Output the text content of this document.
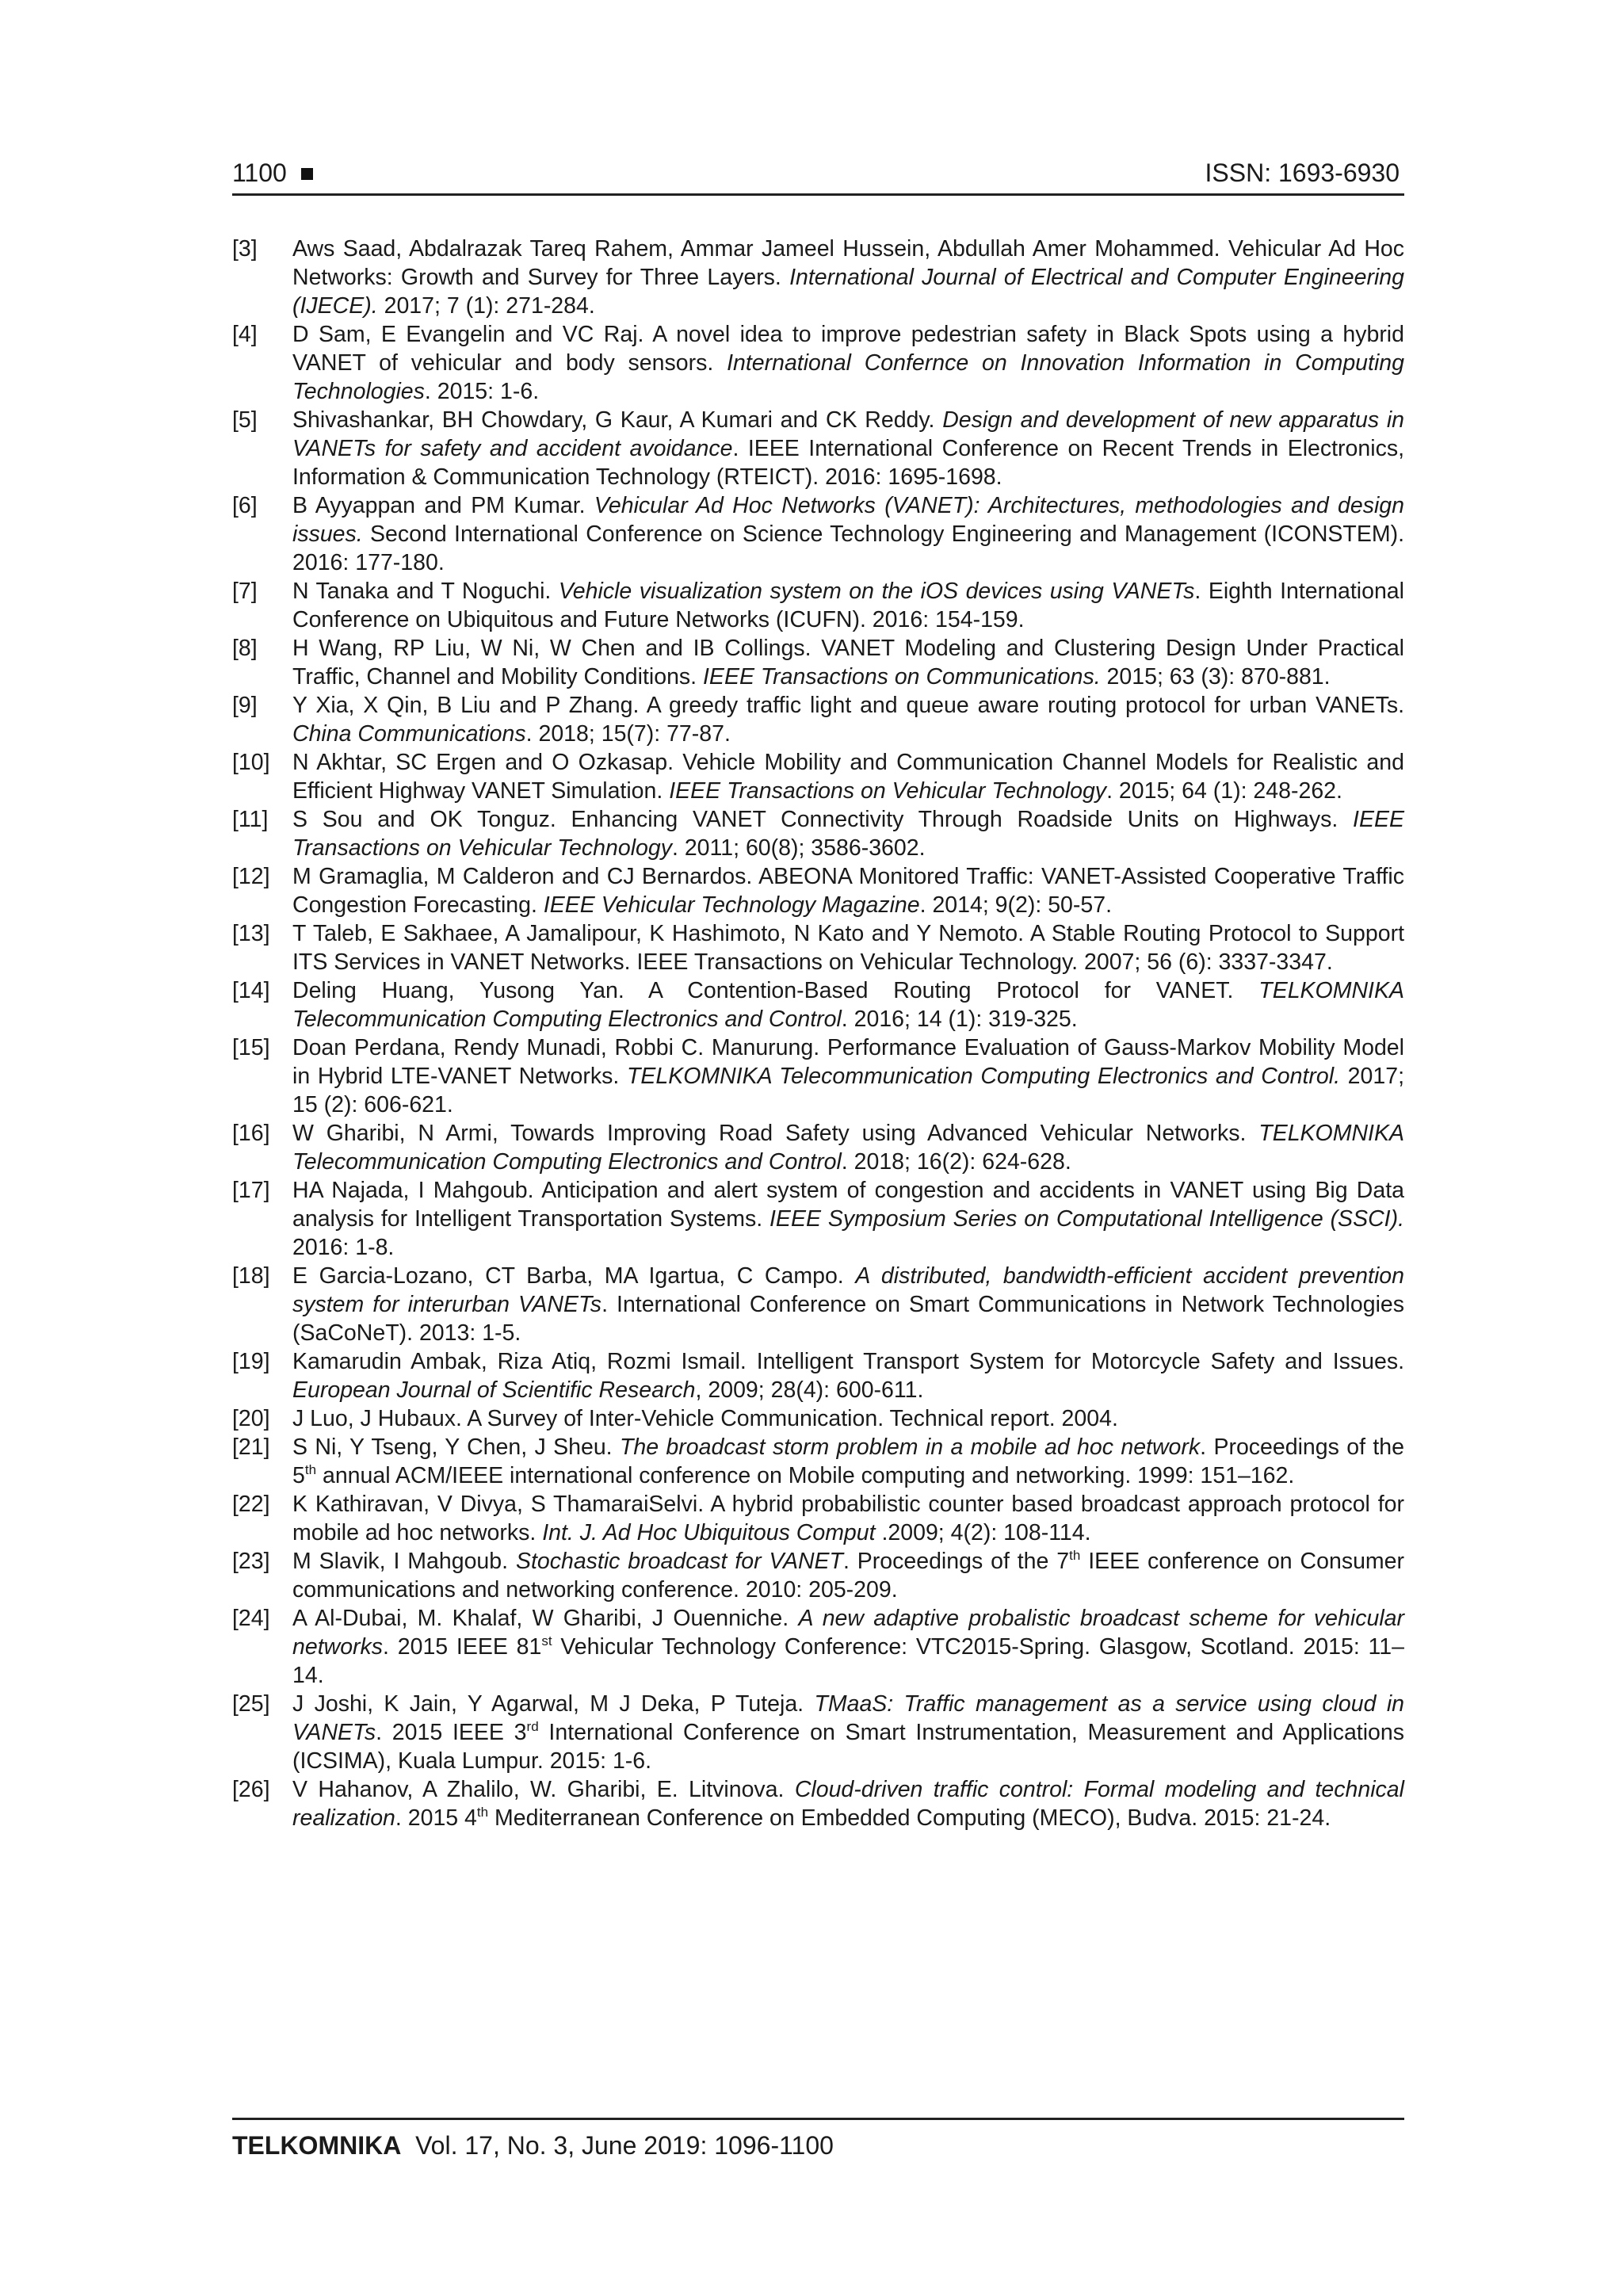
1100	ISSN: 1693-6930
[3] Aws Saad, Abdalrazak Tareq Rahem, Ammar Jameel Hussein, Abdullah Amer Mohammed. Vehicular Ad Hoc Networks: Growth and Survey for Three Layers. International Journal of Electrical and Computer Engineering (IJECE). 2017; 7 (1): 271-284.
[4] D Sam, E Evangelin and VC Raj. A novel idea to improve pedestrian safety in Black Spots using a hybrid VANET of vehicular and body sensors. International Confernce on Innovation Information in Computing Technologies. 2015: 1-6.
[5] Shivashankar, BH Chowdary, G Kaur, A Kumari and CK Reddy. Design and development of new apparatus in VANETs for safety and accident avoidance. IEEE International Conference on Recent Trends in Electronics, Information & Communication Technology (RTEICT). 2016: 1695-1698.
[6] B Ayyappan and PM Kumar. Vehicular Ad Hoc Networks (VANET): Architectures, methodologies and design issues. Second International Conference on Science Technology Engineering and Management (ICONSTEM). 2016: 177-180.
[7] N Tanaka and T Noguchi. Vehicle visualization system on the iOS devices using VANETs. Eighth International Conference on Ubiquitous and Future Networks (ICUFN). 2016: 154-159.
[8] H Wang, RP Liu, W Ni, W Chen and IB Collings. VANET Modeling and Clustering Design Under Practical Traffic, Channel and Mobility Conditions. IEEE Transactions on Communications. 2015; 63 (3): 870-881.
[9] Y Xia, X Qin, B Liu and P Zhang. A greedy traffic light and queue aware routing protocol for urban VANETs. China Communications. 2018; 15(7): 77-87.
[10] N Akhtar, SC Ergen and O Ozkasap. Vehicle Mobility and Communication Channel Models for Realistic and Efficient Highway VANET Simulation. IEEE Transactions on Vehicular Technology. 2015; 64 (1): 248-262.
[11] S Sou and OK Tonguz. Enhancing VANET Connectivity Through Roadside Units on Highways. IEEE Transactions on Vehicular Technology. 2011; 60(8); 3586-3602.
[12] M Gramaglia, M Calderon and CJ Bernardos. ABEONA Monitored Traffic: VANET-Assisted Cooperative Traffic Congestion Forecasting. IEEE Vehicular Technology Magazine. 2014; 9(2): 50-57.
[13] T Taleb, E Sakhaee, A Jamalipour, K Hashimoto, N Kato and Y Nemoto. A Stable Routing Protocol to Support ITS Services in VANET Networks. IEEE Transactions on Vehicular Technology. 2007; 56 (6): 3337-3347.
[14] Deling Huang, Yusong Yan. A Contention-Based Routing Protocol for VANET. TELKOMNIKA Telecommunication Computing Electronics and Control. 2016; 14 (1): 319-325.
[15] Doan Perdana, Rendy Munadi, Robbi C. Manurung. Performance Evaluation of Gauss-Markov Mobility Model in Hybrid LTE-VANET Networks. TELKOMNIKA Telecommunication Computing Electronics and Control. 2017; 15 (2): 606-621.
[16] W Gharibi, N Armi, Towards Improving Road Safety using Advanced Vehicular Networks. TELKOMNIKA Telecommunication Computing Electronics and Control. 2018; 16(2): 624-628.
[17] HA Najada, I Mahgoub. Anticipation and alert system of congestion and accidents in VANET using Big Data analysis for Intelligent Transportation Systems. IEEE Symposium Series on Computational Intelligence (SSCI). 2016: 1-8.
[18] E Garcia-Lozano, CT Barba, MA Igartua, C Campo. A distributed, bandwidth-efficient accident prevention system for interurban VANETs. International Conference on Smart Communications in Network Technologies (SaCoNeT). 2013: 1-5.
[19] Kamarudin Ambak, Riza Atiq, Rozmi Ismail. Intelligent Transport System for Motorcycle Safety and Issues. European Journal of Scientific Research, 2009; 28(4): 600-611.
[20] J Luo, J Hubaux. A Survey of Inter-Vehicle Communication. Technical report. 2004.
[21] S Ni, Y Tseng, Y Chen, J Sheu. The broadcast storm problem in a mobile ad hoc network. Proceedings of the 5th annual ACM/IEEE international conference on Mobile computing and networking. 1999: 151–162.
[22] K Kathiravan, V Divya, S ThamaraiSelvi. A hybrid probabilistic counter based broadcast approach protocol for mobile ad hoc networks. Int. J. Ad Hoc Ubiquitous Comput .2009; 4(2): 108-114.
[23] M Slavik, I Mahgoub. Stochastic broadcast for VANET. Proceedings of the 7th IEEE conference on Consumer communications and networking conference. 2010: 205-209.
[24] A Al-Dubai, M. Khalaf, W Gharibi, J Ouenniche. A new adaptive probalistic broadcast scheme for vehicular networks. 2015 IEEE 81st Vehicular Technology Conference: VTC2015-Spring. Glasgow, Scotland. 2015: 11–14.
[25] J Joshi, K Jain, Y Agarwal, M J Deka, P Tuteja. TMaaS: Traffic management as a service using cloud in VANETs. 2015 IEEE 3rd International Conference on Smart Instrumentation, Measurement and Applications (ICSIMA), Kuala Lumpur. 2015: 1-6.
[26] V Hahanov, A Zhalilo, W. Gharibi, E. Litvinova. Cloud-driven traffic control: Formal modeling and technical realization. 2015 4th Mediterranean Conference on Embedded Computing (MECO), Budva. 2015: 21-24.
TELKOMNIKA Vol. 17, No. 3, June 2019: 1096-1100
